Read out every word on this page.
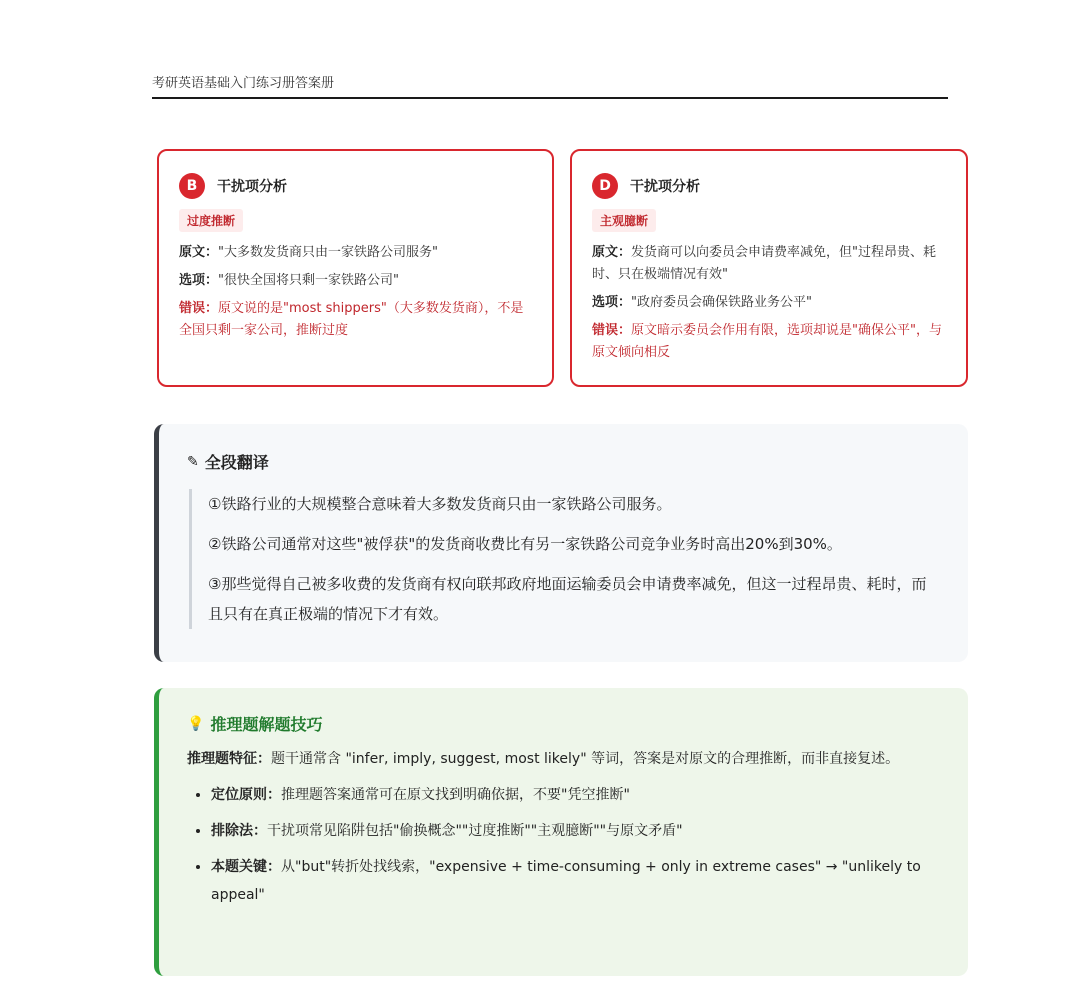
考研英语基础入门练习册答案册
B	干扰项分析
过度推断
原文："大多数发货商只由一家铁路公司服务"
选项："很快全国将只剩一家铁路公司"
错误：原文说的是"most shippers"（大多数发货商），不是全国只剩一家公司，推断过度
D	干扰项分析
主观臆断
原文：发货商可以向委员会申请费率减免，但"过程昂贵、耗时、只在极端情况有效"
选项："政府委员会确保铁路业务公平"
错误：原文暗示委员会作用有限，选项却说是"确保公平"，与原文倾向相反
✎ 全段翻译

①铁路行业的大规模整合意味着大多数发货商只由一家铁路公司服务。

②铁路公司通常对这些"被俘获"的发货商收费比有另一家铁路公司竞争业务时高出20%到30%。

③那些觉得自己被多收费的发货商有权向联邦政府地面运输委员会申请费率减免，但这一过程昂贵、耗时，而且只有在真正极端的情况下才有效。

💡 推理题解题技巧

推理题特征：题干通常含 "infer, imply, suggest, most likely" 等词，答案是对原文的合理推断，而非直接复述。

• 定位原则：推理题答案通常可在原文找到明确依据，不要"凭空推断"
• 排除法：干扰项常见陷阱包括"偷换概念""过度推断""主观臆断""与原文矛盾"
• 本题关键：从"but"转折处找线索，"expensive + time-consuming + only in extreme cases" → "unlikely to appeal"
